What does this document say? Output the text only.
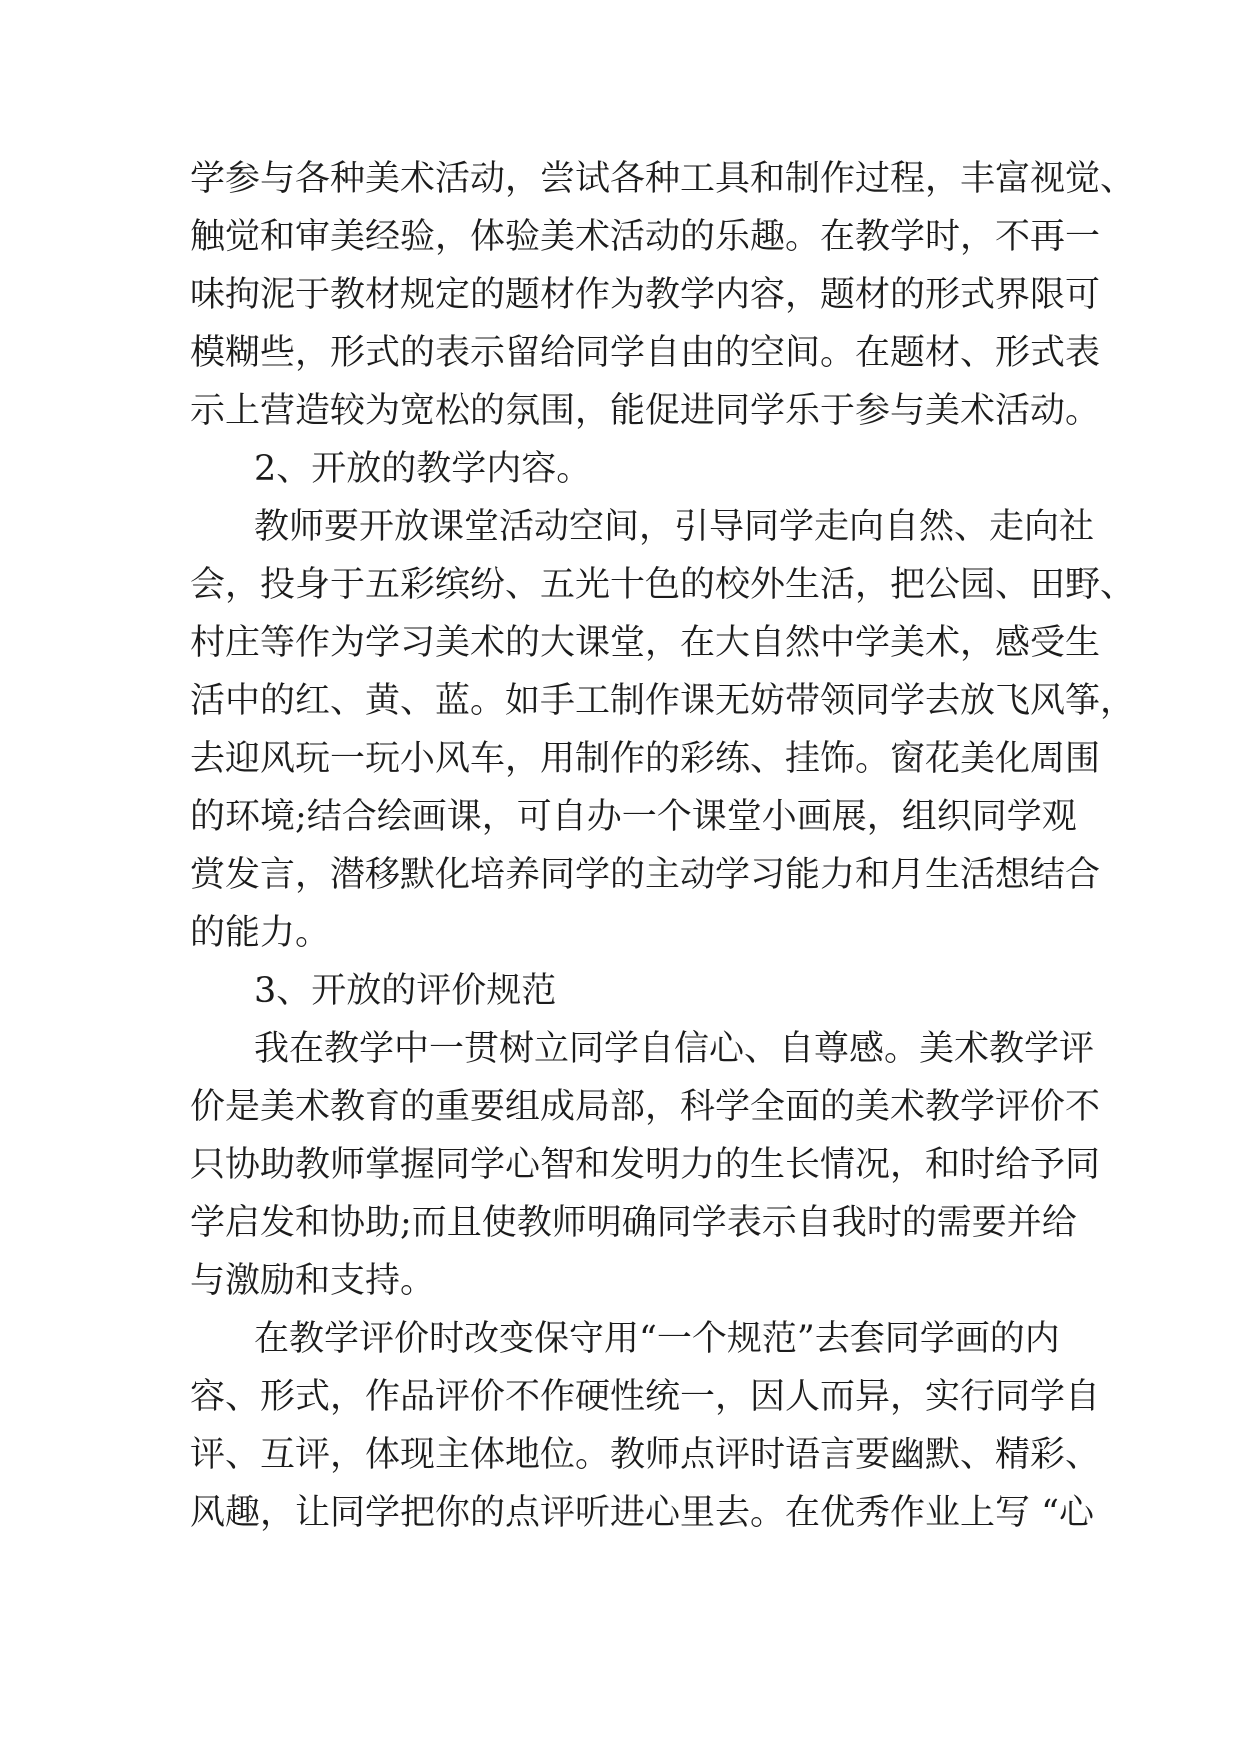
学参与各种美术活动，尝试各种工具和制作过程，丰富视觉、
触觉和审美经验，体验美术活动的乐趣。在教学时，不再一
味拘泥于教材规定的题材作为教学内容，题材的形式界限可
模糊些，形式的表示留给同学自由的空间。在题材、形式表
示上营造较为宽松的氛围，能促进同学乐于参与美术活动。
2、开放的教学内容。
教师要开放课堂活动空间，引导同学走向自然、走向社
会，投身于五彩缤纷、五光十色的校外生活，把公园、田野、
村庄等作为学习美术的大课堂，在大自然中学美术，感受生
活中的红、黄、蓝。如手工制作课无妨带领同学去放飞风筝，
去迎风玩一玩小风车，用制作的彩练、挂饰。窗花美化周围
的环境;结合绘画课，可自办一个课堂小画展，组织同学观
赏发言，潜移默化培养同学的主动学习能力和月生活想结合
的能力。
3、开放的评价规范
我在教学中一贯树立同学自信心、自尊感。美术教学评
价是美术教育的重要组成局部，科学全面的美术教学评价不
只协助教师掌握同学心智和发明力的生长情况，和时给予同
学启发和协助;而且使教师明确同学表示自我时的需要并给
与激励和支持。
在教学评价时改变保守用“一个规范”去套同学画的内
容、形式，作品评价不作硬性统一，因人而异，实行同学自
评、互评，体现主体地位。教师点评时语言要幽默、精彩、
风趣，让同学把你的点评听进心里去。在优秀作业上写 “心
